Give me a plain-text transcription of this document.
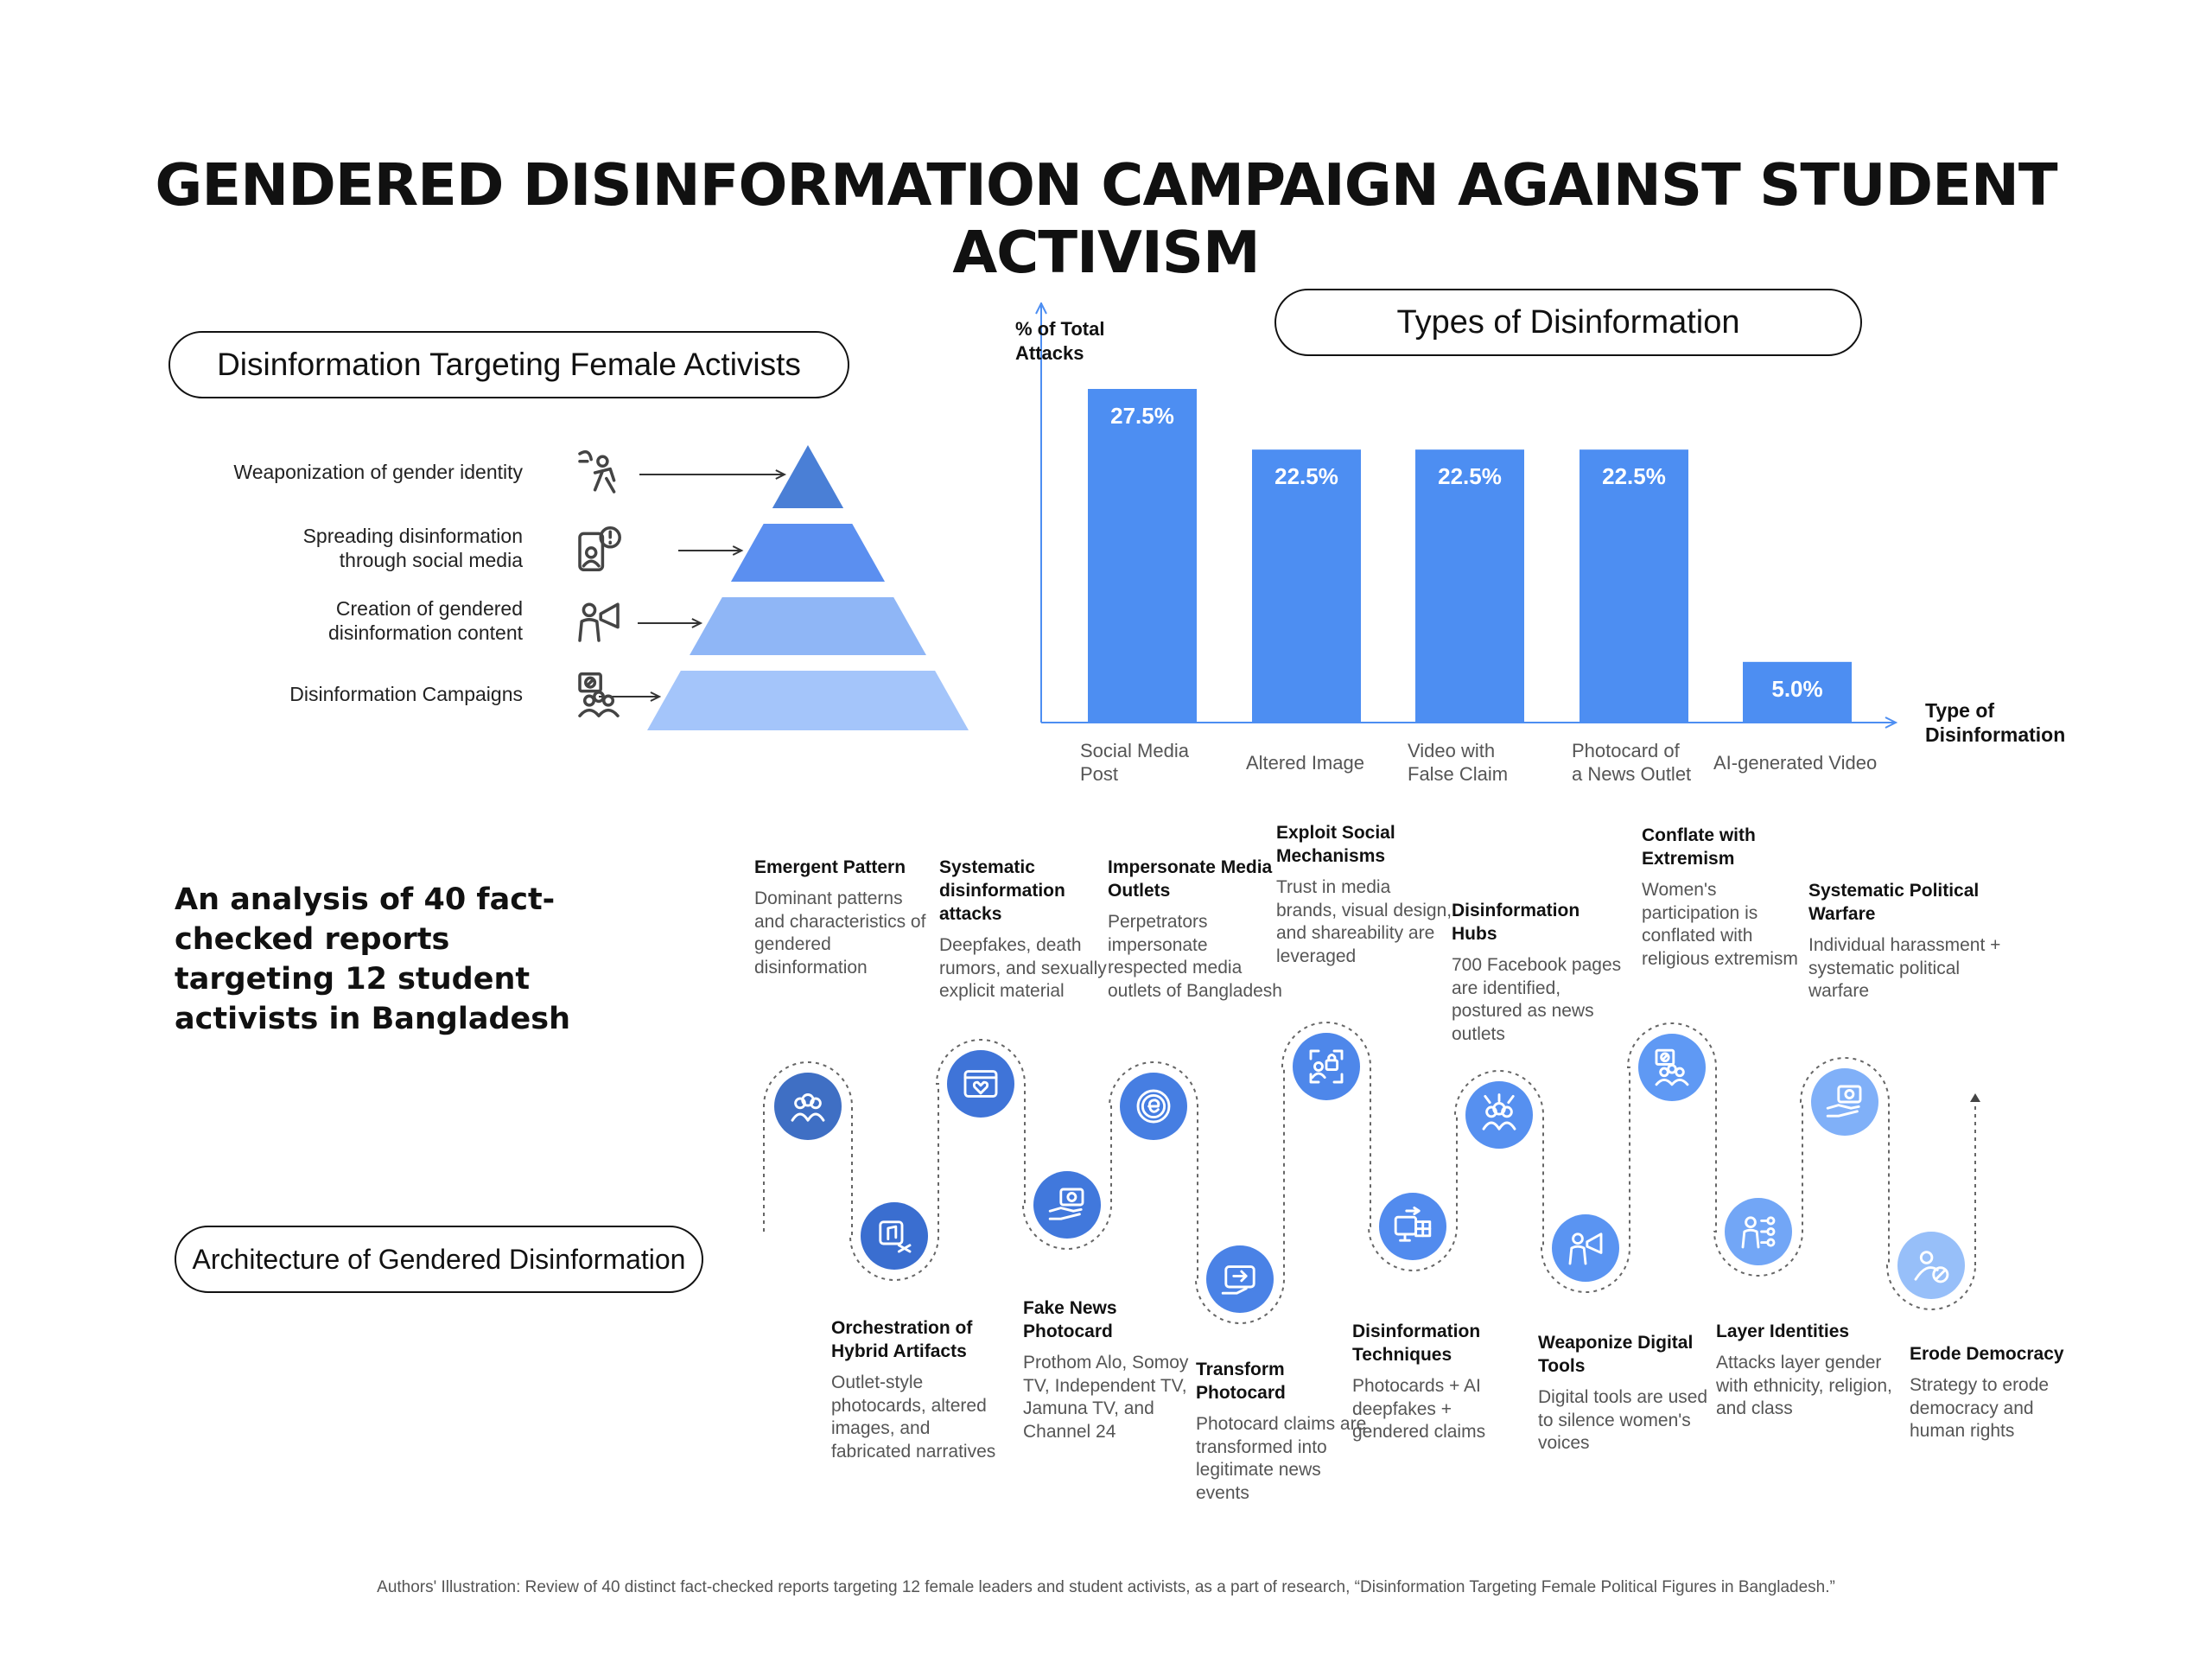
GENDERED DISINFORMATION CAMPAIGN AGAINST STUDENT ACTIVISM
Disinformation Targeting Female Activists
Weaponization of gender identity
Spreading disinformation
through social media
Creation of gendered
disinformation content
Disinformation Campaigns
Types of Disinformation
27.5%
Social Media
Post
22.5%
Altered Image
22.5%
Video with
False Claim
22.5%
Photocard of
a News Outlet
5.0%
AI-generated Video
% of Total
Attacks
Type of
Disinformation
An analysis of 40 fact-checked reports targeting 12 student activists in Bangladesh
Architecture of Gendered Disinformation
Emergent Pattern
Dominant patterns and characteristics of gendered disinformation
Orchestration of Hybrid Artifacts
Outlet-style photocards, altered images, and fabricated narratives
Systematic disinformation attacks
Deepfakes, death rumors, and sexually explicit material
Fake News Photocard
Prothom Alo, Somoy TV, Independent TV, Jamuna TV, and Channel 24
Impersonate Media Outlets
Perpetrators impersonate respected media outlets of Bangladesh
Transform Photocard
Photocard claims are transformed into legitimate news events
Exploit Social Mechanisms
Trust in media brands, visual design, and shareability are leveraged
Disinformation Techniques
Photocards + AI deepfakes + gendered claims
Disinformation Hubs
700 Facebook pages are identified, postured as news outlets
Weaponize Digital Tools
Digital tools are used to silence women's voices
Conflate with Extremism
Women's participation is conflated with religious extremism
Layer Identities
Attacks layer gender with ethnicity, religion, and class
Systematic Political Warfare
Individual harassment + systematic political warfare
Erode Democracy
Strategy to erode democracy and human rights
Authors' Illustration: Review of 40 distinct fact-checked reports targeting 12 female leaders and student activists, as a part of research, “Disinformation Targeting Female Political Figures in Bangladesh.”
